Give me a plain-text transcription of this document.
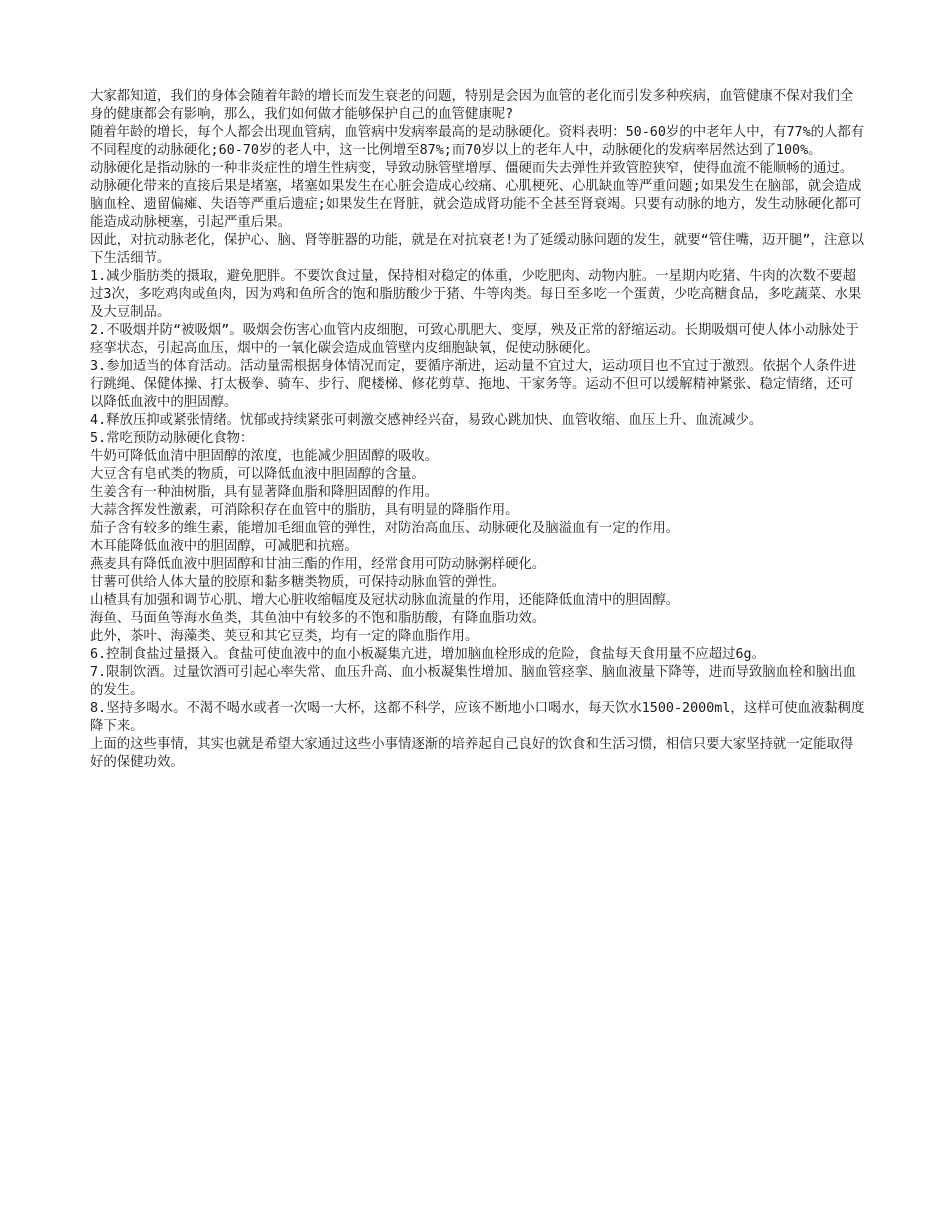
大家都知道，我们的身体会随着年龄的增长而发生衰老的问题，特别是会因为血管的老化而引发多种疾病，血管健康不保对我们全身的健康都会有影响，那么，我们如何做才能够保护自己的血管健康呢?

随着年龄的增长，每个人都会出现血管病，血管病中发病率最高的是动脉硬化。资料表明：50-60岁的中老年人中，有77%的人都有不同程度的动脉硬化;60-70岁的老人中，这一比例增至87%;而70岁以上的老年人中，动脉硬化的发病率居然达到了100%。

动脉硬化是指动脉的一种非炎症性的增生性病变，导致动脉管壁增厚、僵硬而失去弹性并致管腔狭窄，使得血流不能顺畅的通过。

动脉硬化带来的直接后果是堵塞，堵塞如果发生在心脏会造成心绞痛、心肌梗死、心肌缺血等严重问题;如果发生在脑部，就会造成脑血栓、遗留偏瘫、失语等严重后遗症;如果发生在肾脏，就会造成肾功能不全甚至肾衰竭。只要有动脉的地方，发生动脉硬化都可能造成动脉梗塞，引起严重后果。

因此，对抗动脉老化，保护心、脑、肾等脏器的功能，就是在对抗衰老!为了延缓动脉问题的发生，就要“管住嘴，迈开腿”，注意以下生活细节。

1.减少脂肪类的摄取，避免肥胖。不要饮食过量，保持相对稳定的体重，少吃肥肉、动物内脏。一星期内吃猪、牛肉的次数不要超过3次，多吃鸡肉或鱼肉，因为鸡和鱼所含的饱和脂肪酸少于猪、牛等肉类。每日至多吃一个蛋黄，少吃高糖食品，多吃蔬菜、水果及大豆制品。

2.不吸烟并防“被吸烟”。吸烟会伤害心血管内皮细胞，可致心肌肥大、变厚，殃及正常的舒缩运动。长期吸烟可使人体小动脉处于痉挛状态，引起高血压，烟中的一氧化碳会造成血管壁内皮细胞缺氧，促使动脉硬化。

3.参加适当的体育活动。活动量需根据身体情况而定，要循序渐进，运动量不宜过大，运动项目也不宜过于激烈。依据个人条件进行跳绳、保健体操、打太极拳、骑车、步行、爬楼梯、修花剪草、拖地、干家务等。运动不但可以缓解精神紧张、稳定情绪，还可以降低血液中的胆固醇。

4.释放压抑或紧张情绪。忧郁或持续紧张可刺激交感神经兴奋，易致心跳加快、血管收缩、血压上升、血流减少。

5.常吃预防动脉硬化食物：

牛奶可降低血清中胆固醇的浓度，也能减少胆固醇的吸收。

大豆含有皂甙类的物质，可以降低血液中胆固醇的含量。

生姜含有一种油树脂，具有显著降血脂和降胆固醇的作用。

大蒜含挥发性激素，可消除积存在血管中的脂肪，具有明显的降脂作用。

茄子含有较多的维生素，能增加毛细血管的弹性，对防治高血压、动脉硬化及脑溢血有一定的作用。

木耳能降低血液中的胆固醇，可减肥和抗癌。

燕麦具有降低血液中胆固醇和甘油三酯的作用，经常食用可防动脉粥样硬化。

甘薯可供给人体大量的胶原和黏多糖类物质，可保持动脉血管的弹性。

山楂具有加强和调节心肌、增大心脏收缩幅度及冠状动脉血流量的作用，还能降低血清中的胆固醇。

海鱼、马面鱼等海水鱼类，其鱼油中有较多的不饱和脂肪酸，有降血脂功效。

此外，茶叶、海藻类、荚豆和其它豆类，均有一定的降血脂作用。

6.控制食盐过量摄入。食盐可使血液中的血小板凝集亢进，增加脑血栓形成的危险，食盐每天食用量不应超过6g。

7.限制饮酒。过量饮酒可引起心率失常、血压升高、血小板凝集性增加、脑血管痉挛、脑血液量下降等，进而导致脑血栓和脑出血的发生。

8.坚持多喝水。不渴不喝水或者一次喝一大杯，这都不科学，应该不断地小口喝水，每天饮水1500-2000ml，这样可使血液黏稠度降下来。

上面的这些事情，其实也就是希望大家通过这些小事情逐渐的培养起自己良好的饮食和生活习惯，相信只要大家坚持就一定能取得好的保健功效。
